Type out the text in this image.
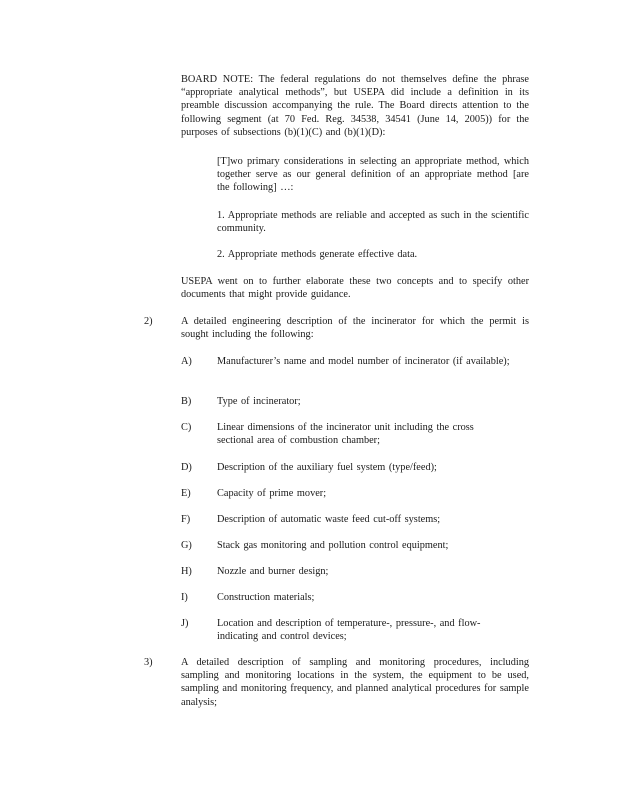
BOARD NOTE: The federal regulations do not themselves define the phrase “appropriate analytical methods”, but USEPA did include a definition in its preamble discussion accompanying the rule. The Board directs attention to the following segment (at 70 Fed. Reg. 34538, 34541 (June 14, 2005)) for the purposes of subsections (b)(1)(C) and (b)(1)(D):

[T]wo primary considerations in selecting an appropriate method, which together serve as our general definition of an appropriate method [are the following] …:

1. Appropriate methods are reliable and accepted as such in the scientific community.

2. Appropriate methods generate effective data.

USEPA went on to further elaborate these two concepts and to specify other documents that might provide guidance.

2)	A detailed engineering description of the incinerator for which the permit is sought including the following:

A) Manufacturer’s name and model number of incinerator (if available);

B) Type of incinerator;

C) Linear dimensions of the incinerator unit including the cross sectional area of combustion chamber;

D) Description of the auxiliary fuel system (type/feed);

E)	Capacity of prime mover;

F)	Description of automatic waste feed cut-off systems;

G) Stack gas monitoring and pollution control equipment;

H) Nozzle and burner design;

I)	Construction materials;

J)	Location and description of temperature-, pressure-, and flow-indicating and control devices;

3)	A detailed description of sampling and monitoring procedures, including sampling and monitoring locations in the system, the equipment to be used, sampling and monitoring frequency, and planned analytical procedures for sample analysis;
